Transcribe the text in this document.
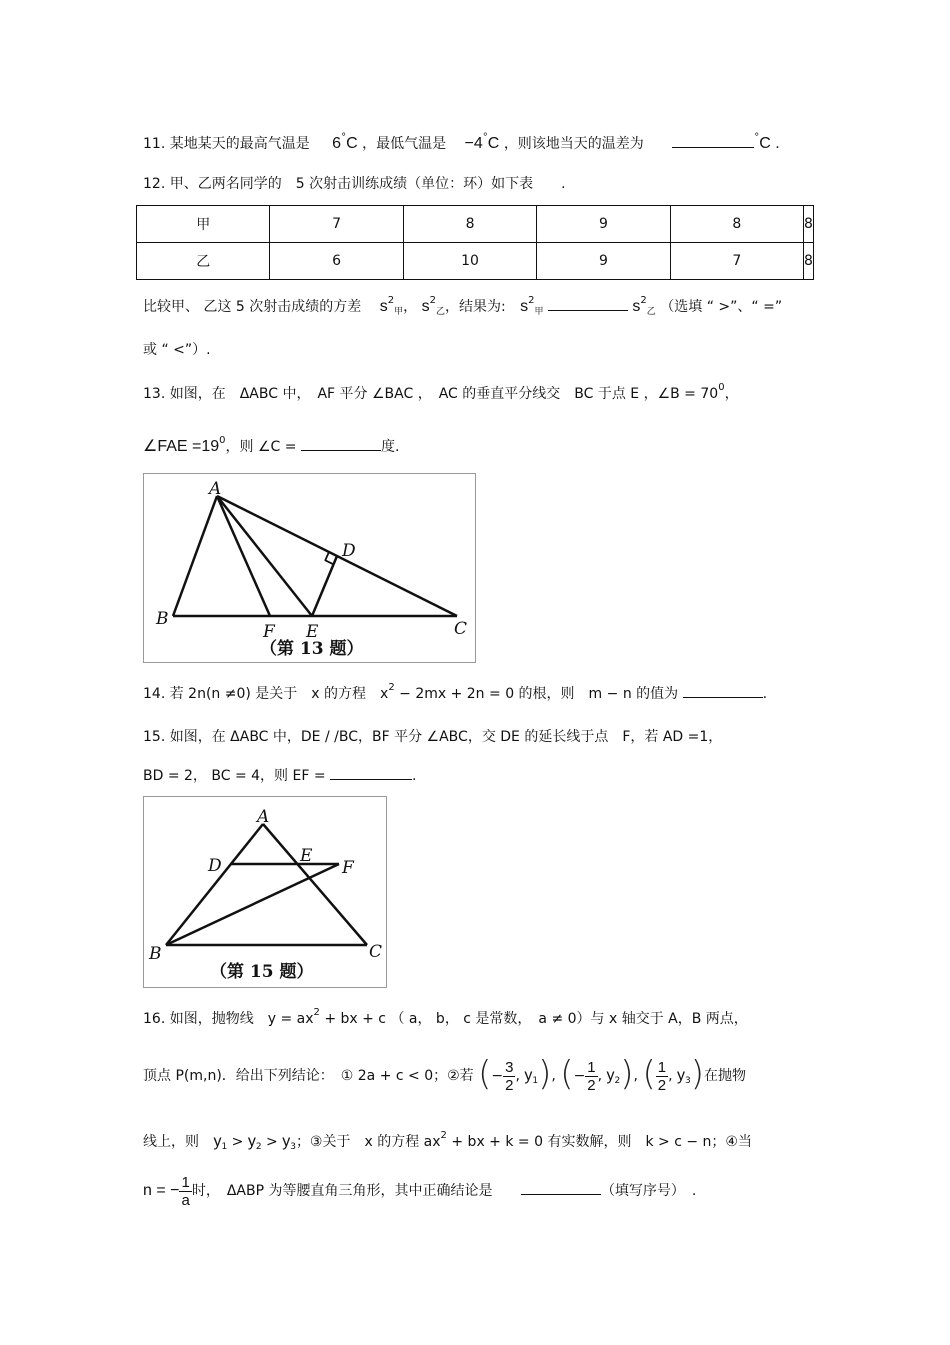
11. 某地某天的最高气温是 6°C ，最低气温是 −4°C ，则该地当天的温差为	°C .
12. 甲、乙两名同学的　5 次射击训练成绩（单位：环）如下表　　.
甲	7	8	9	8	8
乙	6	10	9	7	8
比较甲、 乙这 5 次射击成绩的方差 $s^2_甲$， $s^2_乙$，结果为: $s^2_甲$	$s^2_乙$ （选填 “ >”、“ =”
或 “ <”）.
13. 如图，在　ΔABC 中，　AF 平分 ∠BAC ，　AC 的垂直平分线交　BC 于点 E ，∠B = $70^0$，
∠FAE $=19^0$，则 ∠C =	度.
A
B	C
D
E
F
（第 13 题）
14. 若 2n(n ≠0) 是关于　x 的方程　$x^2 - 2mx + 2n = 0$ 的根，则　m − n 的值为	.
15. 如图，在 ΔABC 中，DE / /BC，BF 平分 ∠ABC，交 DE 的延长线于点　F，若 AD =1，
BD = 2， BC = 4，则 EF =	.
A
B	C
D	E
F
（第 15 题）
16. 如图，抛物线　$y = ax^2$ + bx + c （ a， b， c 是常数，　a ≠ 0）与 x 轴交于 A，B 两点，
顶点 P(m,n)．给出下列结论：　① 2a + c < 0；②若 (− $\frac{3}{2}$ , $y_1$), (− $\frac{1}{2}$ , $y_2$), ( $\frac{1}{2}$ , $y_3$)在抛物
线上，则 $y_1 > y_2 > y_3$；③关于　x 的方程 $ax^2$ + bx + k = 0 有实数解，则　k > c − n；④当
n = − $\frac{1}{a}$ 时，　ΔABP 为等腰直角三角形，其中正确结论是	（填写序号）　.
